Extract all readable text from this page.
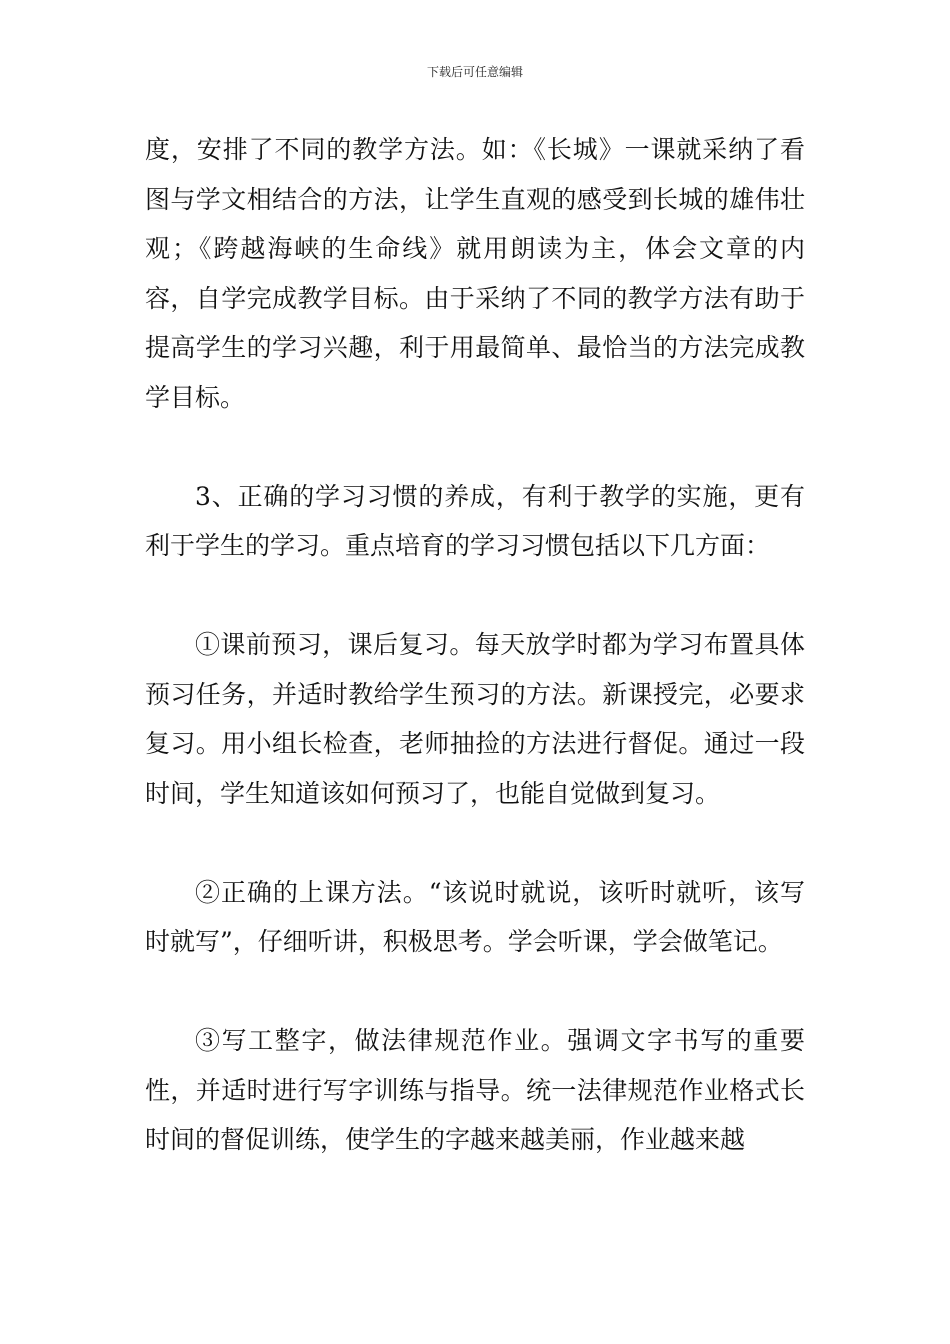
下载后可任意编辑

度，安排了不同的教学方法。如：《长城》一课就采纳了看图与学文相结合的方法，让学生直观的感受到长城的雄伟壮观；《跨越海峡的生命线》就用朗读为主，体会文章的内容，自学完成教学目标。由于采纳了不同的教学方法有助于提高学生的学习兴趣，利于用最简单、最恰当的方法完成教学目标。

3、正确的学习习惯的养成，有利于教学的实施，更有利于学生的学习。重点培育的学习习惯包括以下几方面：

①课前预习，课后复习。每天放学时都为学习布置具体预习任务，并适时教给学生预习的方法。新课授完，必要求复习。用小组长检查，老师抽捡的方法进行督促。通过一段时间，学生知道该如何预习了，也能自觉做到复习。

②正确的上课方法。“该说时就说，该听时就听，该写时就写”，仔细听讲，积极思考。学会听课，学会做笔记。

③写工整字，做法律规范作业。强调文字书写的重要性，并适时进行写字训练与指导。统一法律规范作业格式长时间的督促训练，使学生的字越来越美丽，作业越来越
